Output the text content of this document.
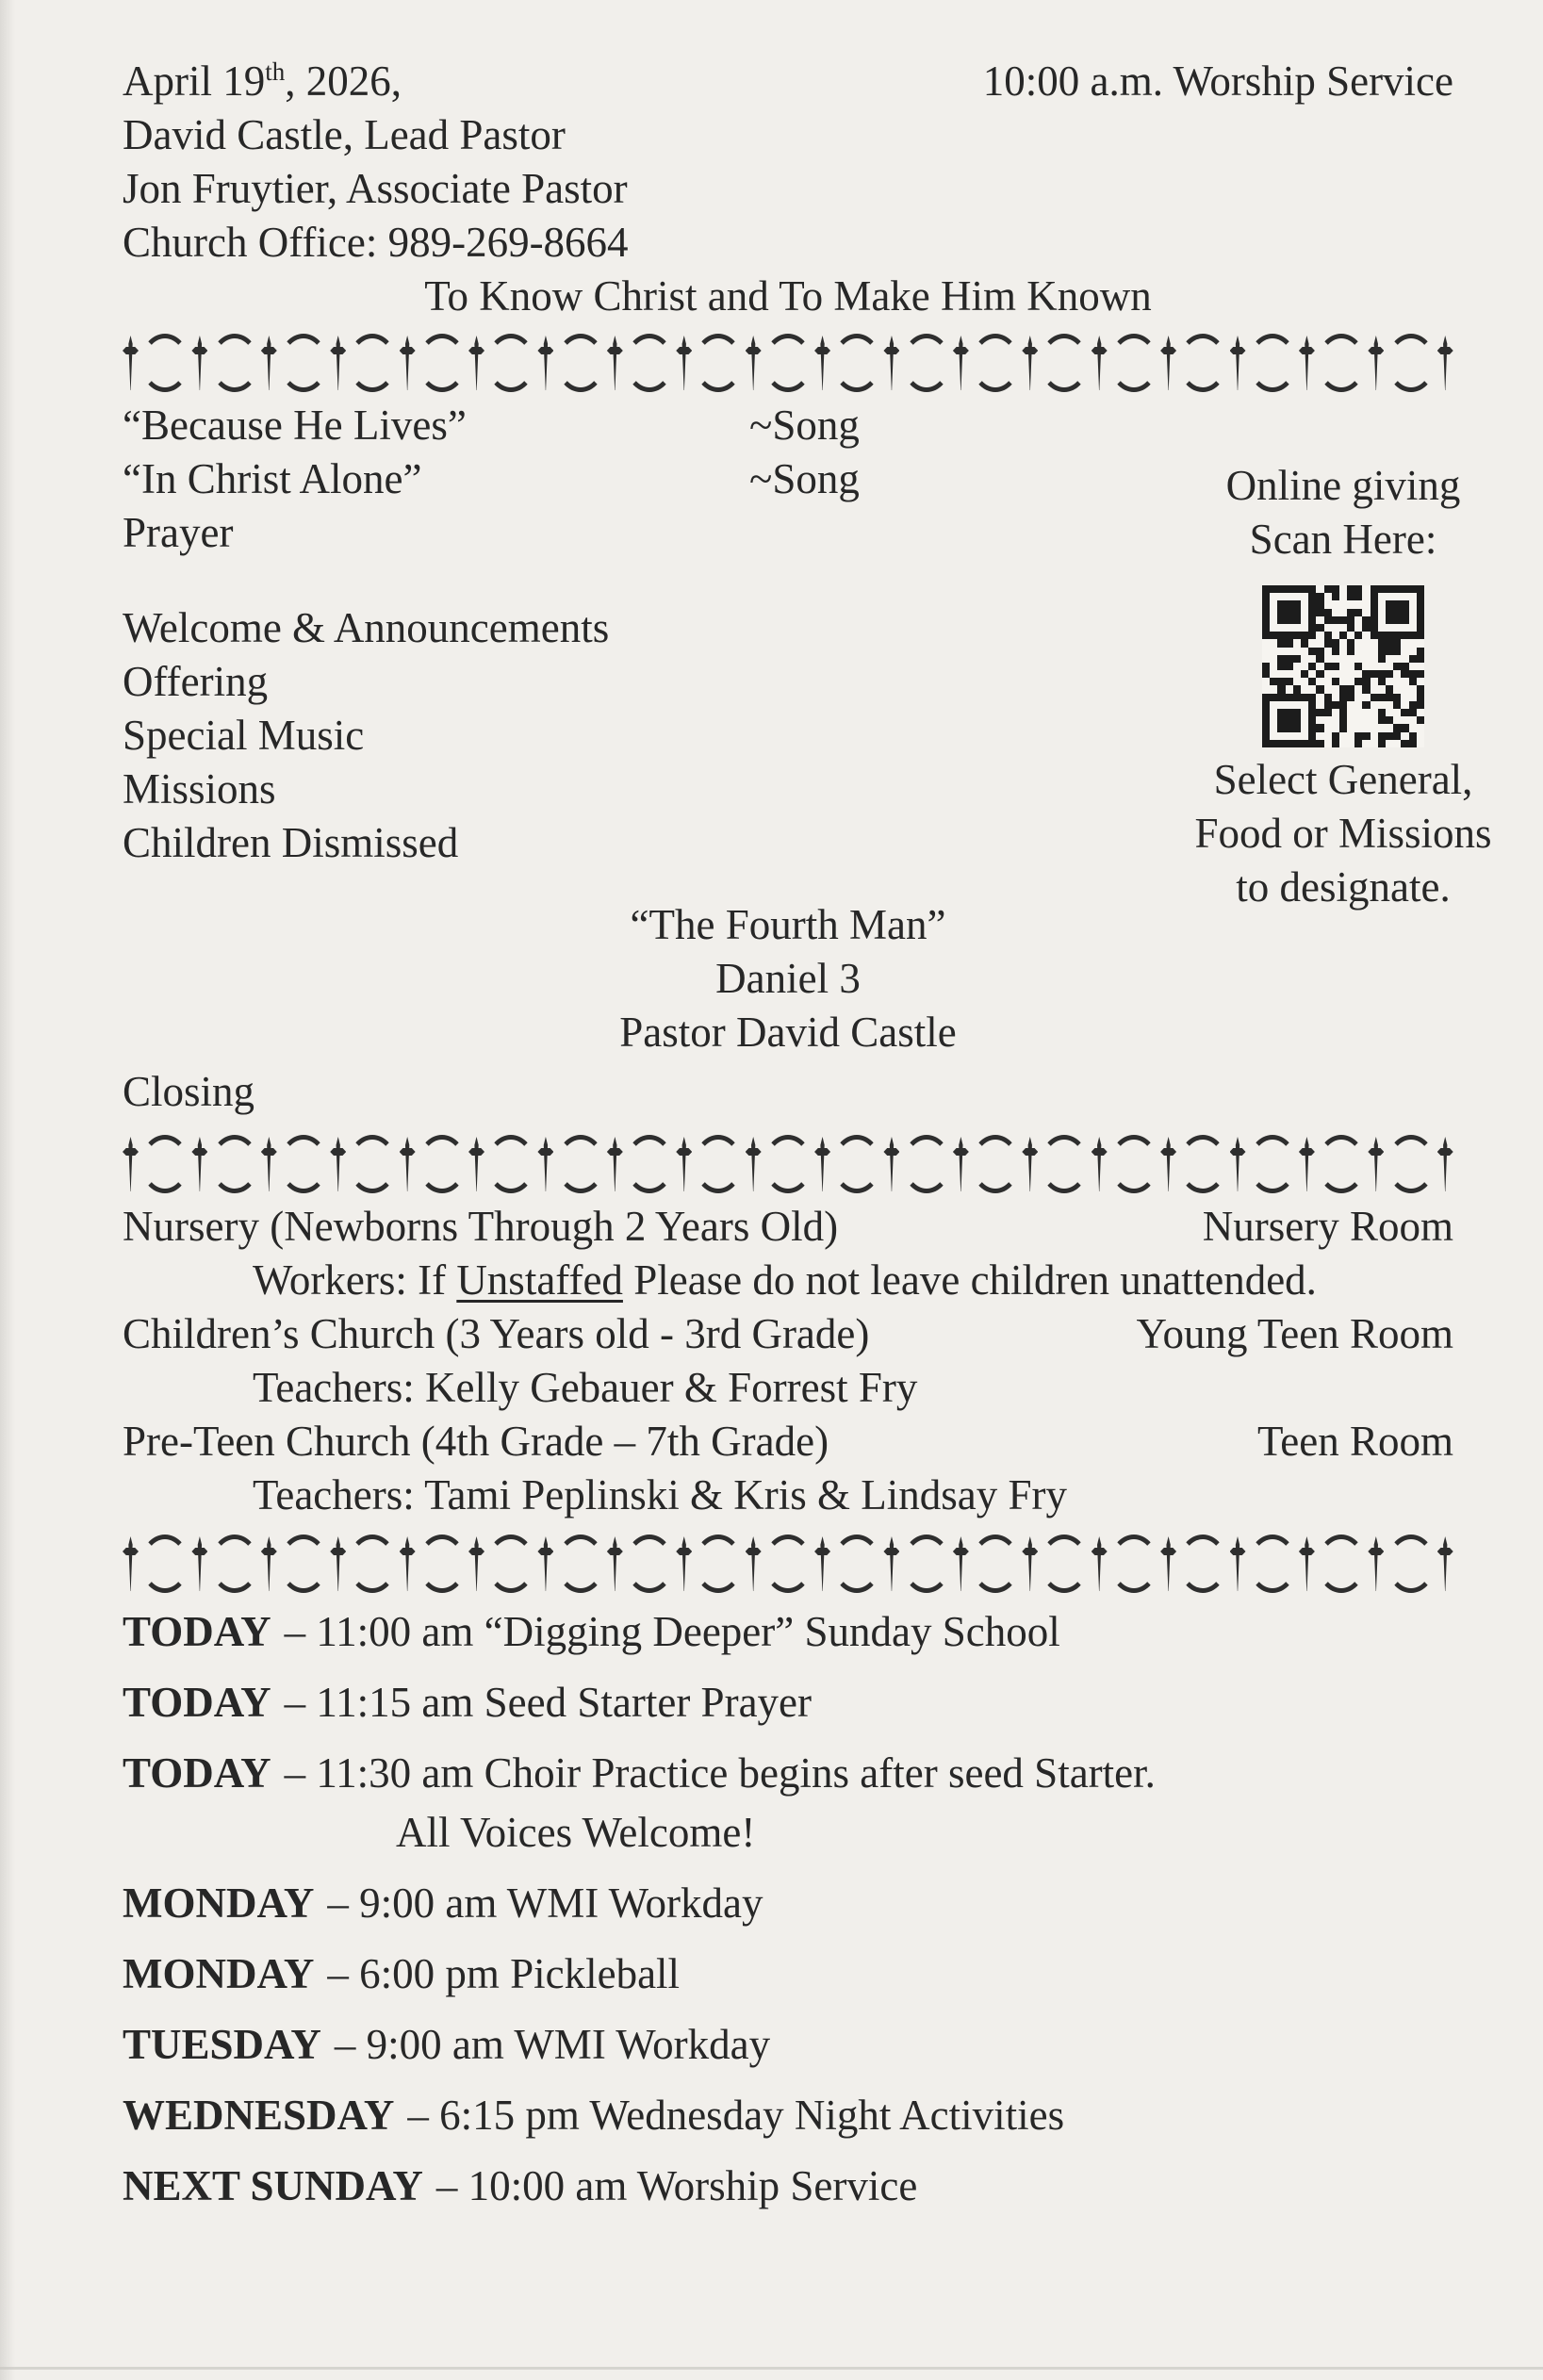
April 19th, 2026,
David Castle, Lead Pastor
Jon Fruytier, Associate Pastor
Church Office: 989-269-8664
10:00 a.m. Worship Service
To Know Christ and To Make Him Known
“Because He Lives”	~Song
“In Christ Alone”	~Song
Prayer
Welcome & Announcements
Offering
Special Music
Missions
Children Dismissed
“The Fourth Man”
Daniel 3
Pastor David Castle
Closing
Nursery (Newborns Through 2 Years Old)	Nursery Room
Workers: If Unstaffed Please do not leave children unattended.
Children’s Church (3 Years old - 3rd Grade)	Young Teen Room
Teachers: Kelly Gebauer & Forrest Fry
Pre-Teen Church (4th Grade – 7th Grade)	Teen Room
Teachers: Tami Peplinski & Kris & Lindsay Fry
TODAY – 11:00 am “Digging Deeper” Sunday School
TODAY – 11:15 am Seed Starter Prayer
TODAY – 11:30 am Choir Practice begins after seed Starter.
All Voices Welcome!
MONDAY – 9:00 am WMI Workday
MONDAY – 6:00 pm Pickleball
TUESDAY – 9:00 am WMI Workday
WEDNESDAY – 6:15 pm Wednesday Night Activities
NEXT SUNDAY – 10:00 am Worship Service
Online giving
Scan Here:
Select General,
Food or Missions
to designate.
